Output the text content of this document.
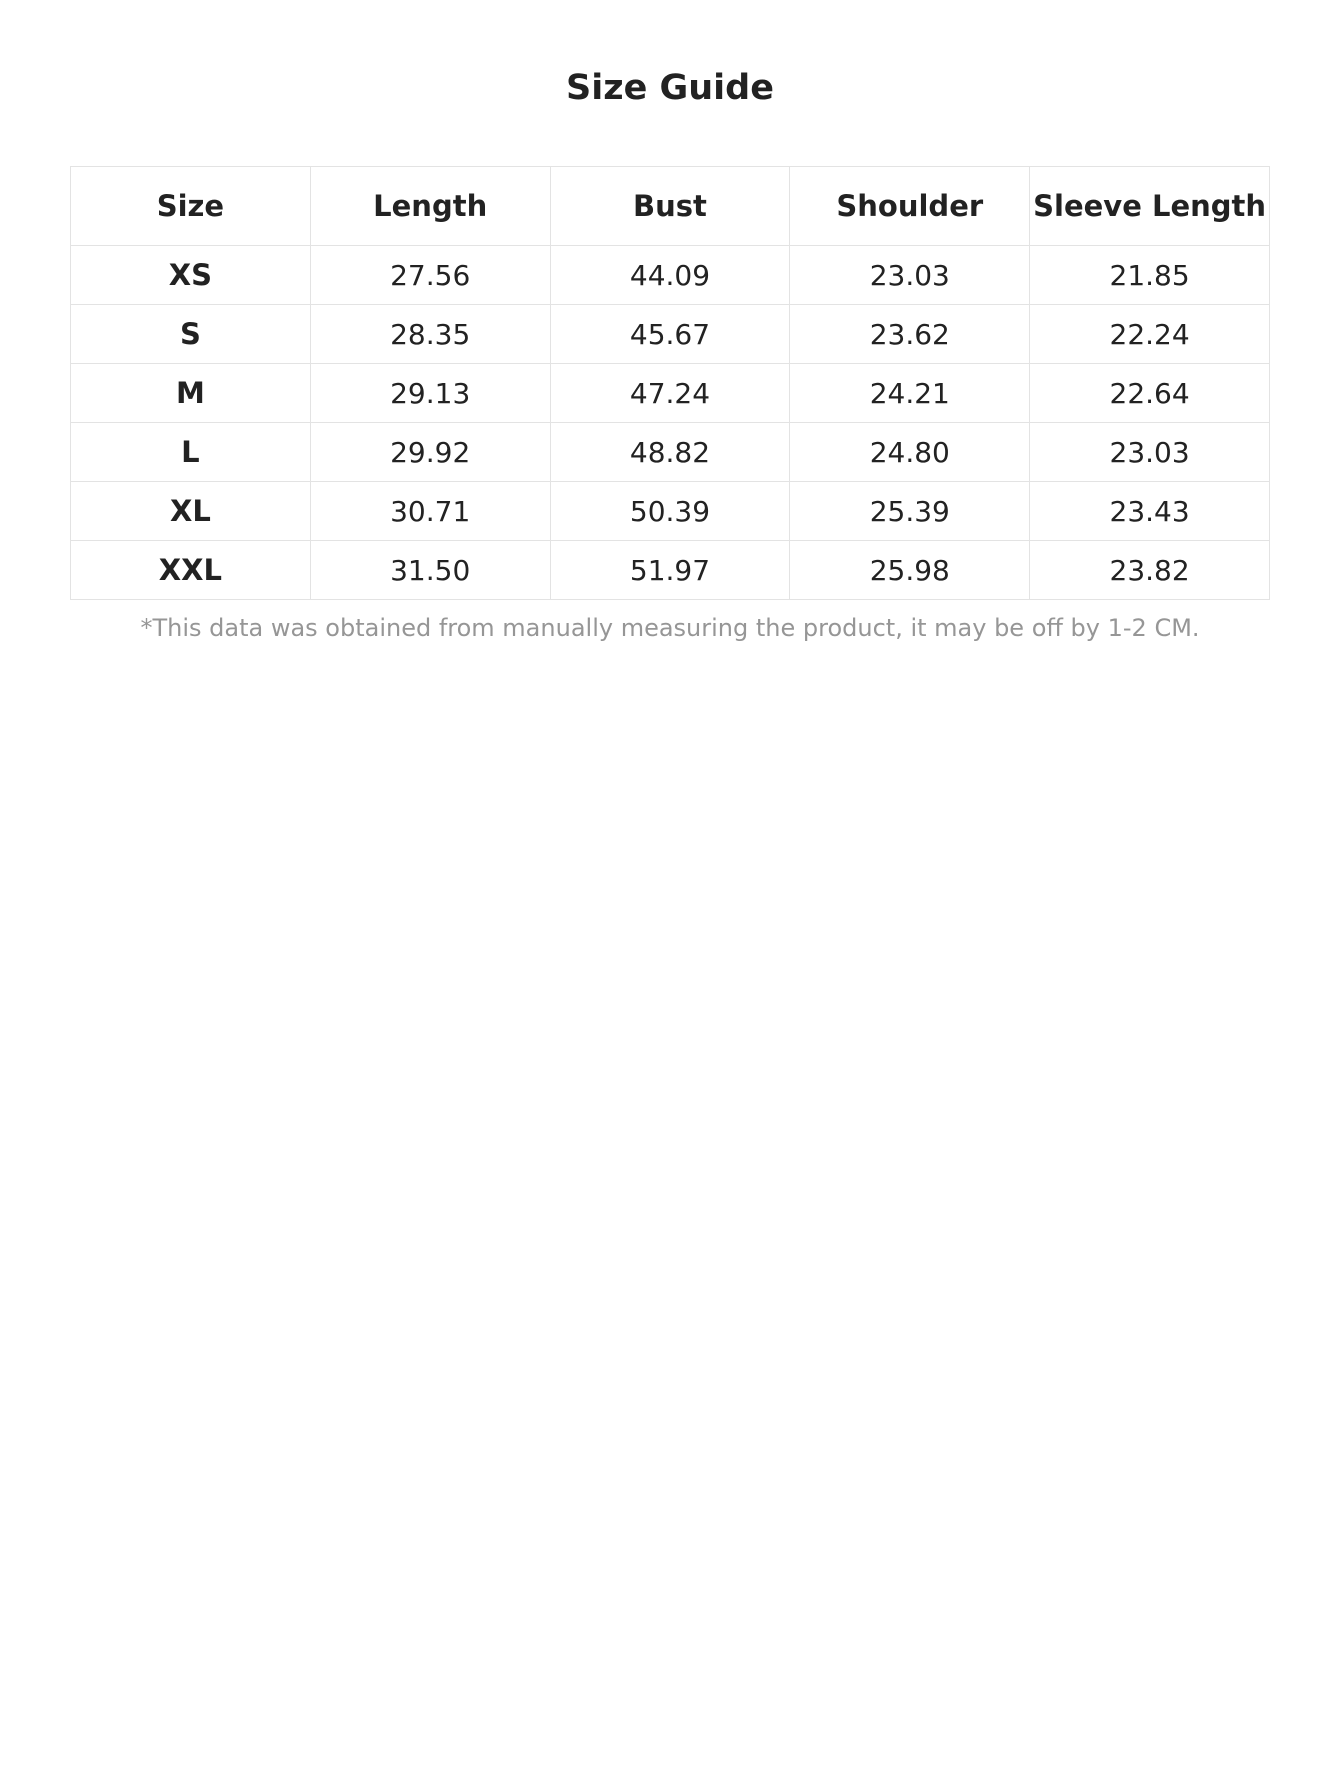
Size Guide
Size	Length	Bust	Shoulder	Sleeve Length
XS	27.56	44.09	23.03	21.85
S	28.35	45.67	23.62	22.24
M	29.13	47.24	24.21	22.64
L	29.92	48.82	24.80	23.03
XL	30.71	50.39	25.39	23.43
XXL	31.50	51.97	25.98	23.82
*This data was obtained from manually measuring the product, it may be off by 1-2 CM.
